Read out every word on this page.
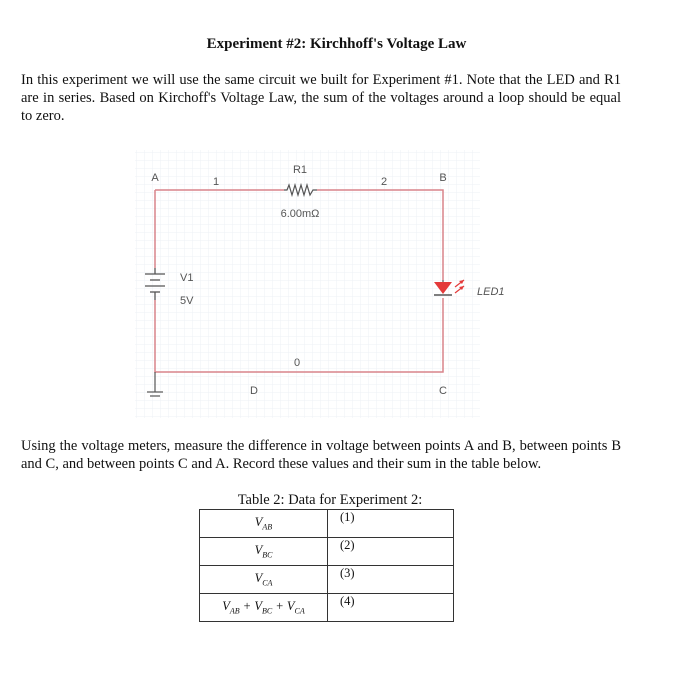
Experiment #2: Kirchhoff's Voltage Law
In this experiment we will use the same circuit we built for Experiment #1. Note that the LED and R1 are in series. Based on Kirchoff's Voltage Law, the sum of the voltages around a loop should be equal to zero.
A	B
C
D
1	2
0
R1
6.00mΩ
V1
5V
LED1
Using the voltage meters, measure the difference in voltage between points A and B, between points B and C, and between points C and A. Record these values and their sum in the table below.
Table 2: Data for Experiment 2:
$V_{AB}$	(1)
$V_{BC}$	(2)
$V_{CA}$	(3)
$V_{AB} + V_{BC} + V_{CA}$	(4)
